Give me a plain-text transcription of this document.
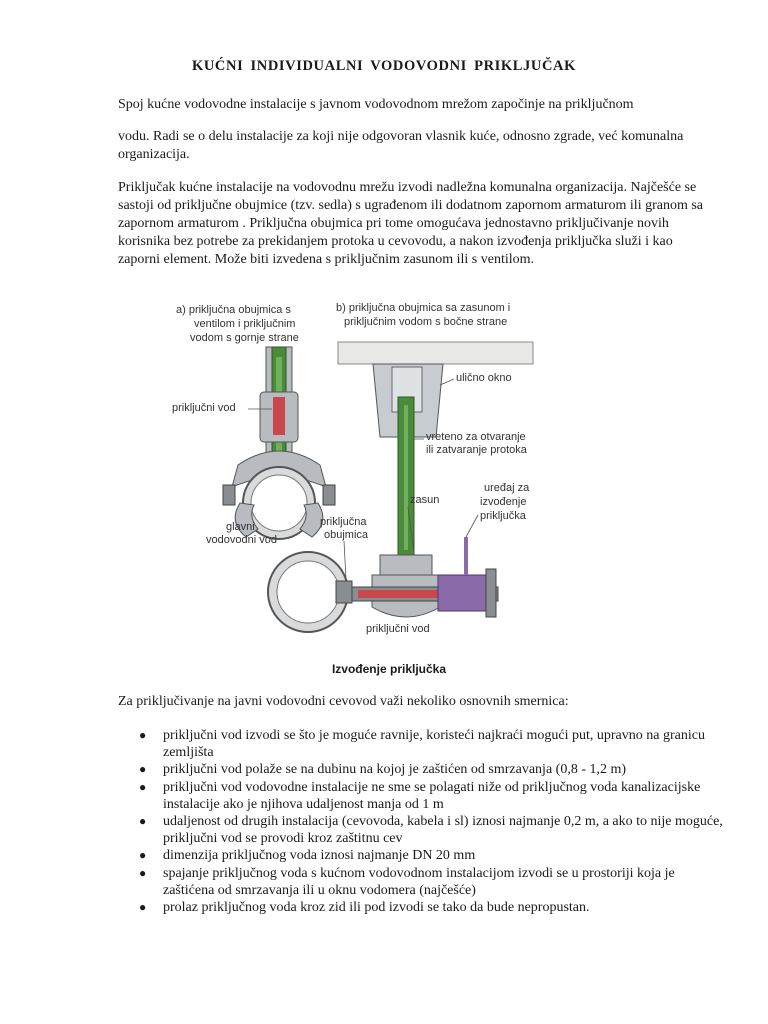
KUĆNI INDIVIDUALNI VODOVODNI PRIKLJUČAK

Spoj kućne vodovodne instalacije s javnom vodovodnom mrežom započinje na priključnom

vodu. Radi se o delu instalacije za koji nije odgovoran vlasnik kuće, odnosno zgrade, već komunalna organizacija.

Priključak kućne instalacije na vodovodnu mrežu izvodi nadležna komunalna organizacija. Najčešće se sastoji od priključne obujmice (tzv. sedla) s ugrađenom ili dodatnom zapornom armaturom ili granom sa zapornom armaturom . Priključna obujmica pri tome omogućava jednostavno priključivanje novih korisnika bez potrebe za prekidanjem protoka u cevovodu, a nakon izvođenja priključka služi i kao zaporni element. Može biti izvedena s priključnim zasunom ili s ventilom.

a) priključna obujmica s
ventilom i priključnim
vodom s gornje strane
b) priključna obujmica sa zasunom i
priključnim vodom s bočne strane
ulično okno
priključni vod
vreteno za otvaranje
ili zatvaranje protoka
zasun
uređaj za
izvođenje
priključka
glavni
vodovodni vod
priključna
obujmica
priključni vod
Izvođenje priključka

Za priključivanje na javni vodovodni cevovod važi nekoliko osnovnih smernica:

● priključni vod izvodi se što je moguće ravnije, koristeći najkraći mogući put, upravno na granicu zemljišta
● priključni vod polaže se na dubinu na kojoj je zaštićen od smrzavanja (0,8 - 1,2 m)
● priključni vod vodovodne instalacije ne sme se polagati niže od priključnog voda kanalizacijske instalacije ako je njihova udaljenost manja od 1 m
● udaljenost od drugih instalacija (cevovoda, kabela i sl) iznosi najmanje 0,2 m, a ako to nije moguće, priključni vod se provodi kroz zaštitnu cev
● dimenzija priključnog voda iznosi najmanje DN 20 mm
● spajanje priključnog voda s kućnom vodovodnom instalacijom izvodi se u prostoriji koja je zaštićena od smrzavanja ili u oknu vodomera (najčešće)
● prolaz priključnog voda kroz zid ili pod izvodi se tako da bude nepropustan.
